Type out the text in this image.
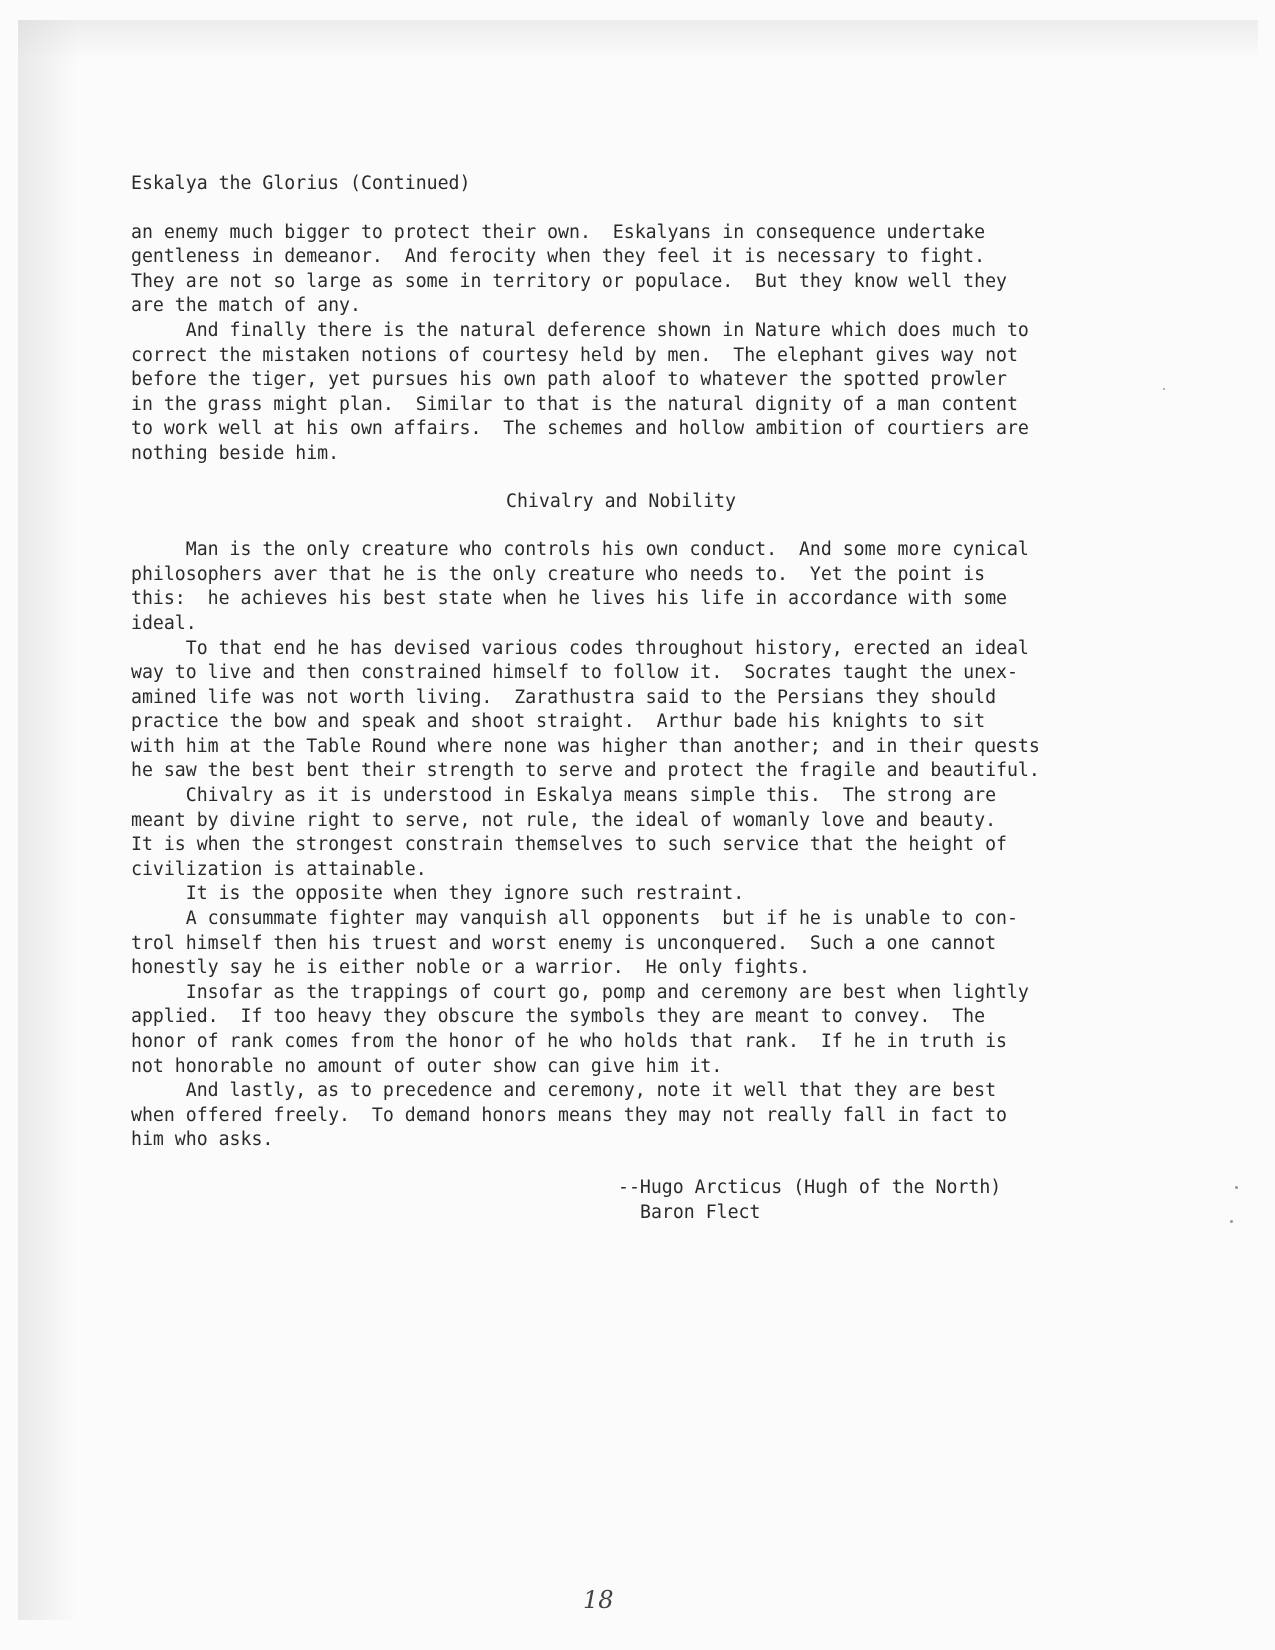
Eskalya the Glorius (Continued)
an enemy much bigger to protect their own.  Eskalyans in consequence undertake
gentleness in demeanor.  And ferocity when they feel it is necessary to fight.
They are not so large as some in territory or populace.  But they know well they
are the match of any.
And finally there is the natural deference shown in Nature which does much to
correct the mistaken notions of courtesy held by men.  The elephant gives way not
before the tiger, yet pursues his own path aloof to whatever the spotted prowler
in the grass might plan.  Similar to that is the natural dignity of a man content
to work well at his own affairs.  The schemes and hollow ambition of courtiers are
nothing beside him.
Chivalry and Nobility
Man is the only creature who controls his own conduct.  And some more cynical
philosophers aver that he is the only creature who needs to.  Yet the point is
this:  he achieves his best state when he lives his life in accordance with some
ideal.
To that end he has devised various codes throughout history, erected an ideal
way to live and then constrained himself to follow it.  Socrates taught the unex-
amined life was not worth living.  Zarathustra said to the Persians they should
practice the bow and speak and shoot straight.  Arthur bade his knights to sit
with him at the Table Round where none was higher than another; and in their quests
he saw the best bent their strength to serve and protect the fragile and beautiful.
Chivalry as it is understood in Eskalya means simple this.  The strong are
meant by divine right to serve, not rule, the ideal of womanly love and beauty.
It is when the strongest constrain themselves to such service that the height of
civilization is attainable.
It is the opposite when they ignore such restraint.
A consummate fighter may vanquish all opponents  but if he is unable to con-
trol himself then his truest and worst enemy is unconquered.  Such a one cannot
honestly say he is either noble or a warrior.  He only fights.
Insofar as the trappings of court go, pomp and ceremony are best when lightly
applied.  If too heavy they obscure the symbols they are meant to convey.  The
honor of rank comes from the honor of he who holds that rank.  If he in truth is
not honorable no amount of outer show can give him it.
And lastly, as to precedence and ceremony, note it well that they are best
when offered freely.  To demand honors means they may not really fall in fact to
him who asks.
--Hugo Arcticus (Hugh of the North)
Baron Flect
18
